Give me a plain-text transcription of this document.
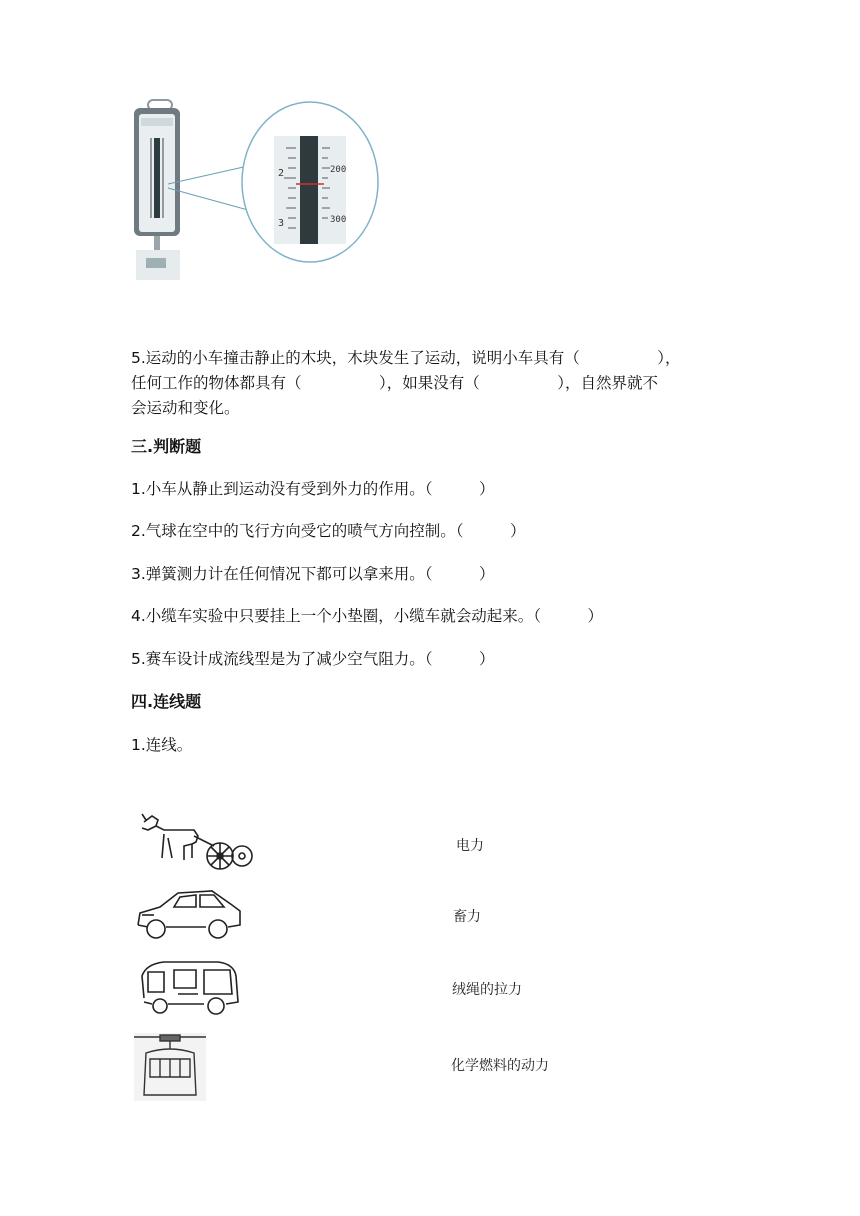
2
3
200
300
5.运动的小车撞击静止的木块，木块发生了运动，说明小车具有（　　　　　），
任何工作的物体都具有（　　　　　），如果没有（　　　　　），自然界就不
会运动和变化。
三.判断题
1.小车从静止到运动没有受到外力的作用。（　　　）
2.气球在空中的飞行方向受它的喷气方向控制。（　　　）
3.弹簧测力计在任何情况下都可以拿来用。（　　　）
4.小缆车实验中只要挂上一个小垫圈，小缆车就会动起来。（　　　）
5.赛车设计成流线型是为了减少空气阻力。（　　　）
四.连线题
1.连线。
电力
畜力
绒绳的拉力
化学燃料的动力
